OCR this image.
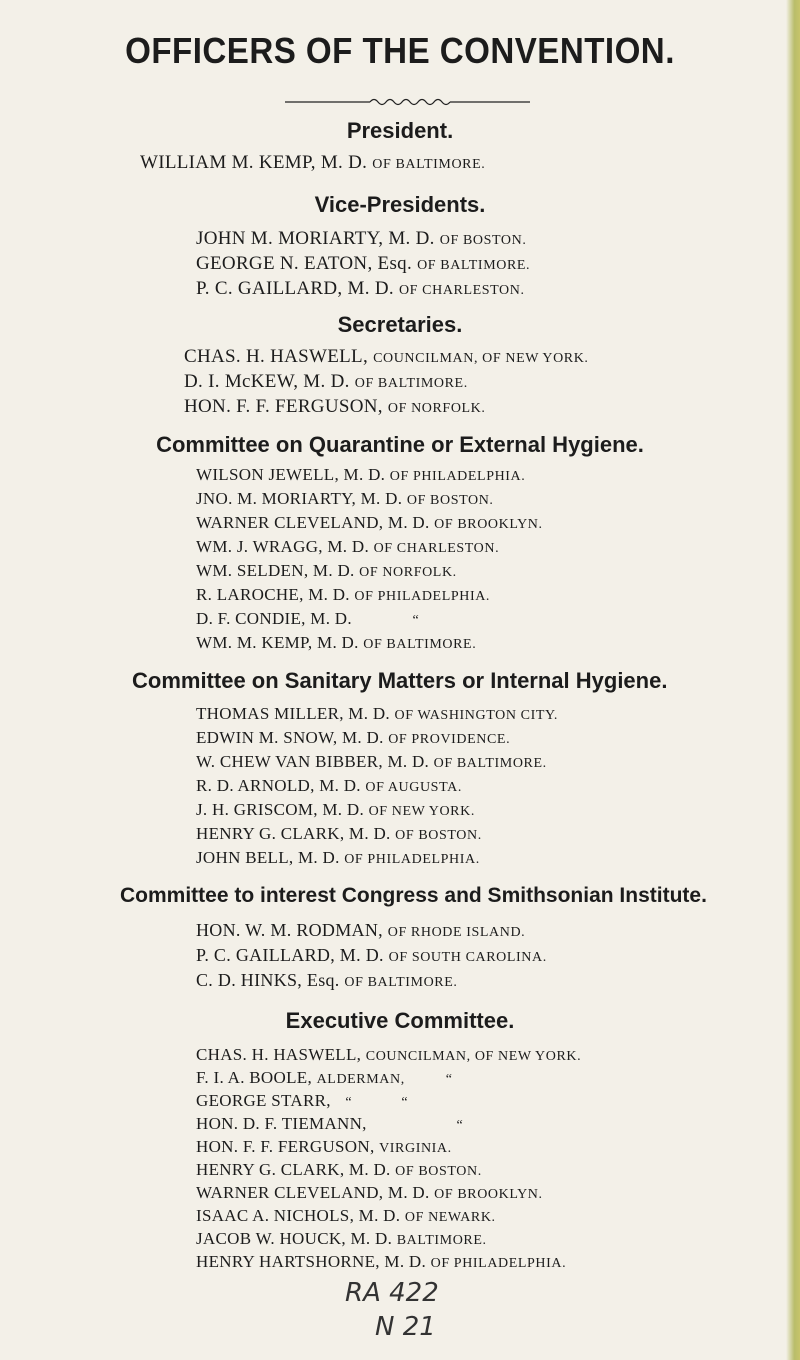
OFFICERS OF THE CONVENTION.
President.
WILLIAM M. KEMP, M. D. OF BALTIMORE.
Vice-Presidents.
JOHN M. MORIARTY, M. D. OF BOSTON.
GEORGE N. EATON, Esq. OF BALTIMORE.
P. C. GAILLARD, M. D. OF CHARLESTON.
Secretaries.
CHAS. H. HASWELL, COUNCILMAN, OF NEW YORK.
D. I. McKEW, M. D. OF BALTIMORE.
HON. F. F. FERGUSON, OF NORFOLK.
Committee on Quarantine or External Hygiene.
WILSON JEWELL, M. D. OF PHILADELPHIA.
JNO. M. MORIARTY, M. D. OF BOSTON.
WARNER CLEVELAND, M. D. OF BROOKLYN.
WM. J. WRAGG, M. D. OF CHARLESTON.
WM. SELDEN, M. D. OF NORFOLK.
R. LAROCHE, M. D. OF PHILADELPHIA.
D. F. CONDIE, M. D.	“
WM. M. KEMP, M. D. OF BALTIMORE.
Committee on Sanitary Matters or Internal Hygiene.
THOMAS MILLER, M. D. OF WASHINGTON CITY.
EDWIN M. SNOW, M. D. OF PROVIDENCE.
W. CHEW VAN BIBBER, M. D. OF BALTIMORE.
R. D. ARNOLD, M. D. OF AUGUSTA.
J. H. GRISCOM, M. D. OF NEW YORK.
HENRY G. CLARK, M. D. OF BOSTON.
JOHN BELL, M. D. OF PHILADELPHIA.
Committee to interest Congress and Smithsonian Institute.
HON. W. M. RODMAN, OF RHODE ISLAND.
P. C. GAILLARD, M. D. OF SOUTH CAROLINA.
C. D. HINKS, Esq. OF BALTIMORE.
Executive Committee.
CHAS. H. HASWELL, COUNCILMAN, OF NEW YORK.
F. I. A. BOOLE, ALDERMAN,          “
GEORGE STARR, “            “
HON. D. F. TIEMANN,	“
HON. F. F. FERGUSON, VIRGINIA.
HENRY G. CLARK, M. D. OF BOSTON.
WARNER CLEVELAND, M. D. OF BROOKLYN.
ISAAC A. NICHOLS, M. D. OF NEWARK.
JACOB W. HOUCK, M. D. BALTIMORE.
HENRY HARTSHORNE, M. D. OF PHILADELPHIA.
RA 422
N 21
